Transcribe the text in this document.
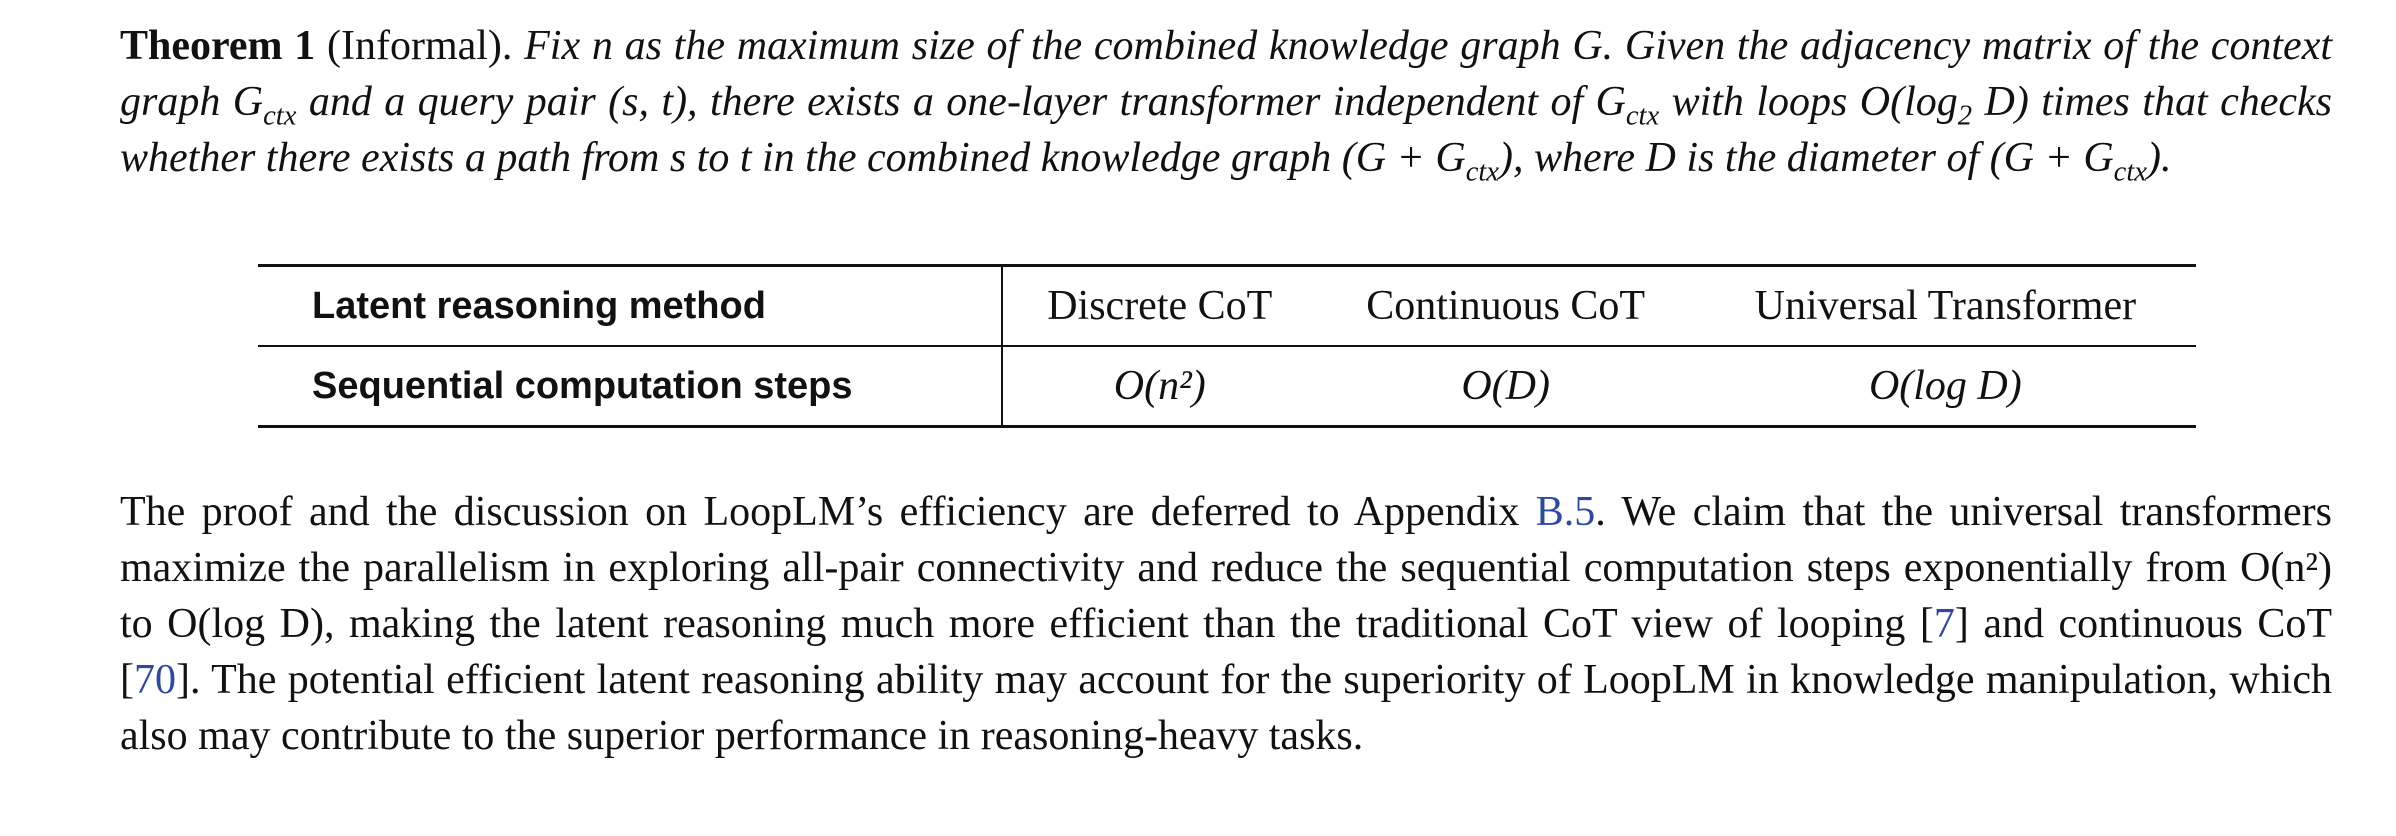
Theorem 1 (Informal). Fix n as the maximum size of the combined knowledge graph G. Given the adjacency matrix of the context graph $G_{ctx}$ and a query pair (s, t), there exists a one-layer transformer independent of $G_{ctx}$ with loops $O(\log_2$ D) times that checks whether there exists a path from s to t in the combined knowledge graph $(G + G_{ctx})$, where D is the diameter of $(G + G_{ctx})$.

Latent reasoning method	Discrete CoT	Continuous CoT	Universal Transformer
Sequential computation steps	O(n²)	O(D)	O(log D)

The proof and the discussion on LoopLM’s efficiency are deferred to Appendix B.5. We claim that the universal transformers maximize the parallelism in exploring all-pair connectivity and reduce the sequential computation steps exponentially from O(n²) to O(log D), making the latent reasoning much more efficient than the traditional CoT view of looping [7] and continuous CoT [70]. The potential efficient latent reasoning ability may account for the superiority of LoopLM in knowledge manipulation, which also may contribute to the superior performance in reasoning-heavy tasks.
